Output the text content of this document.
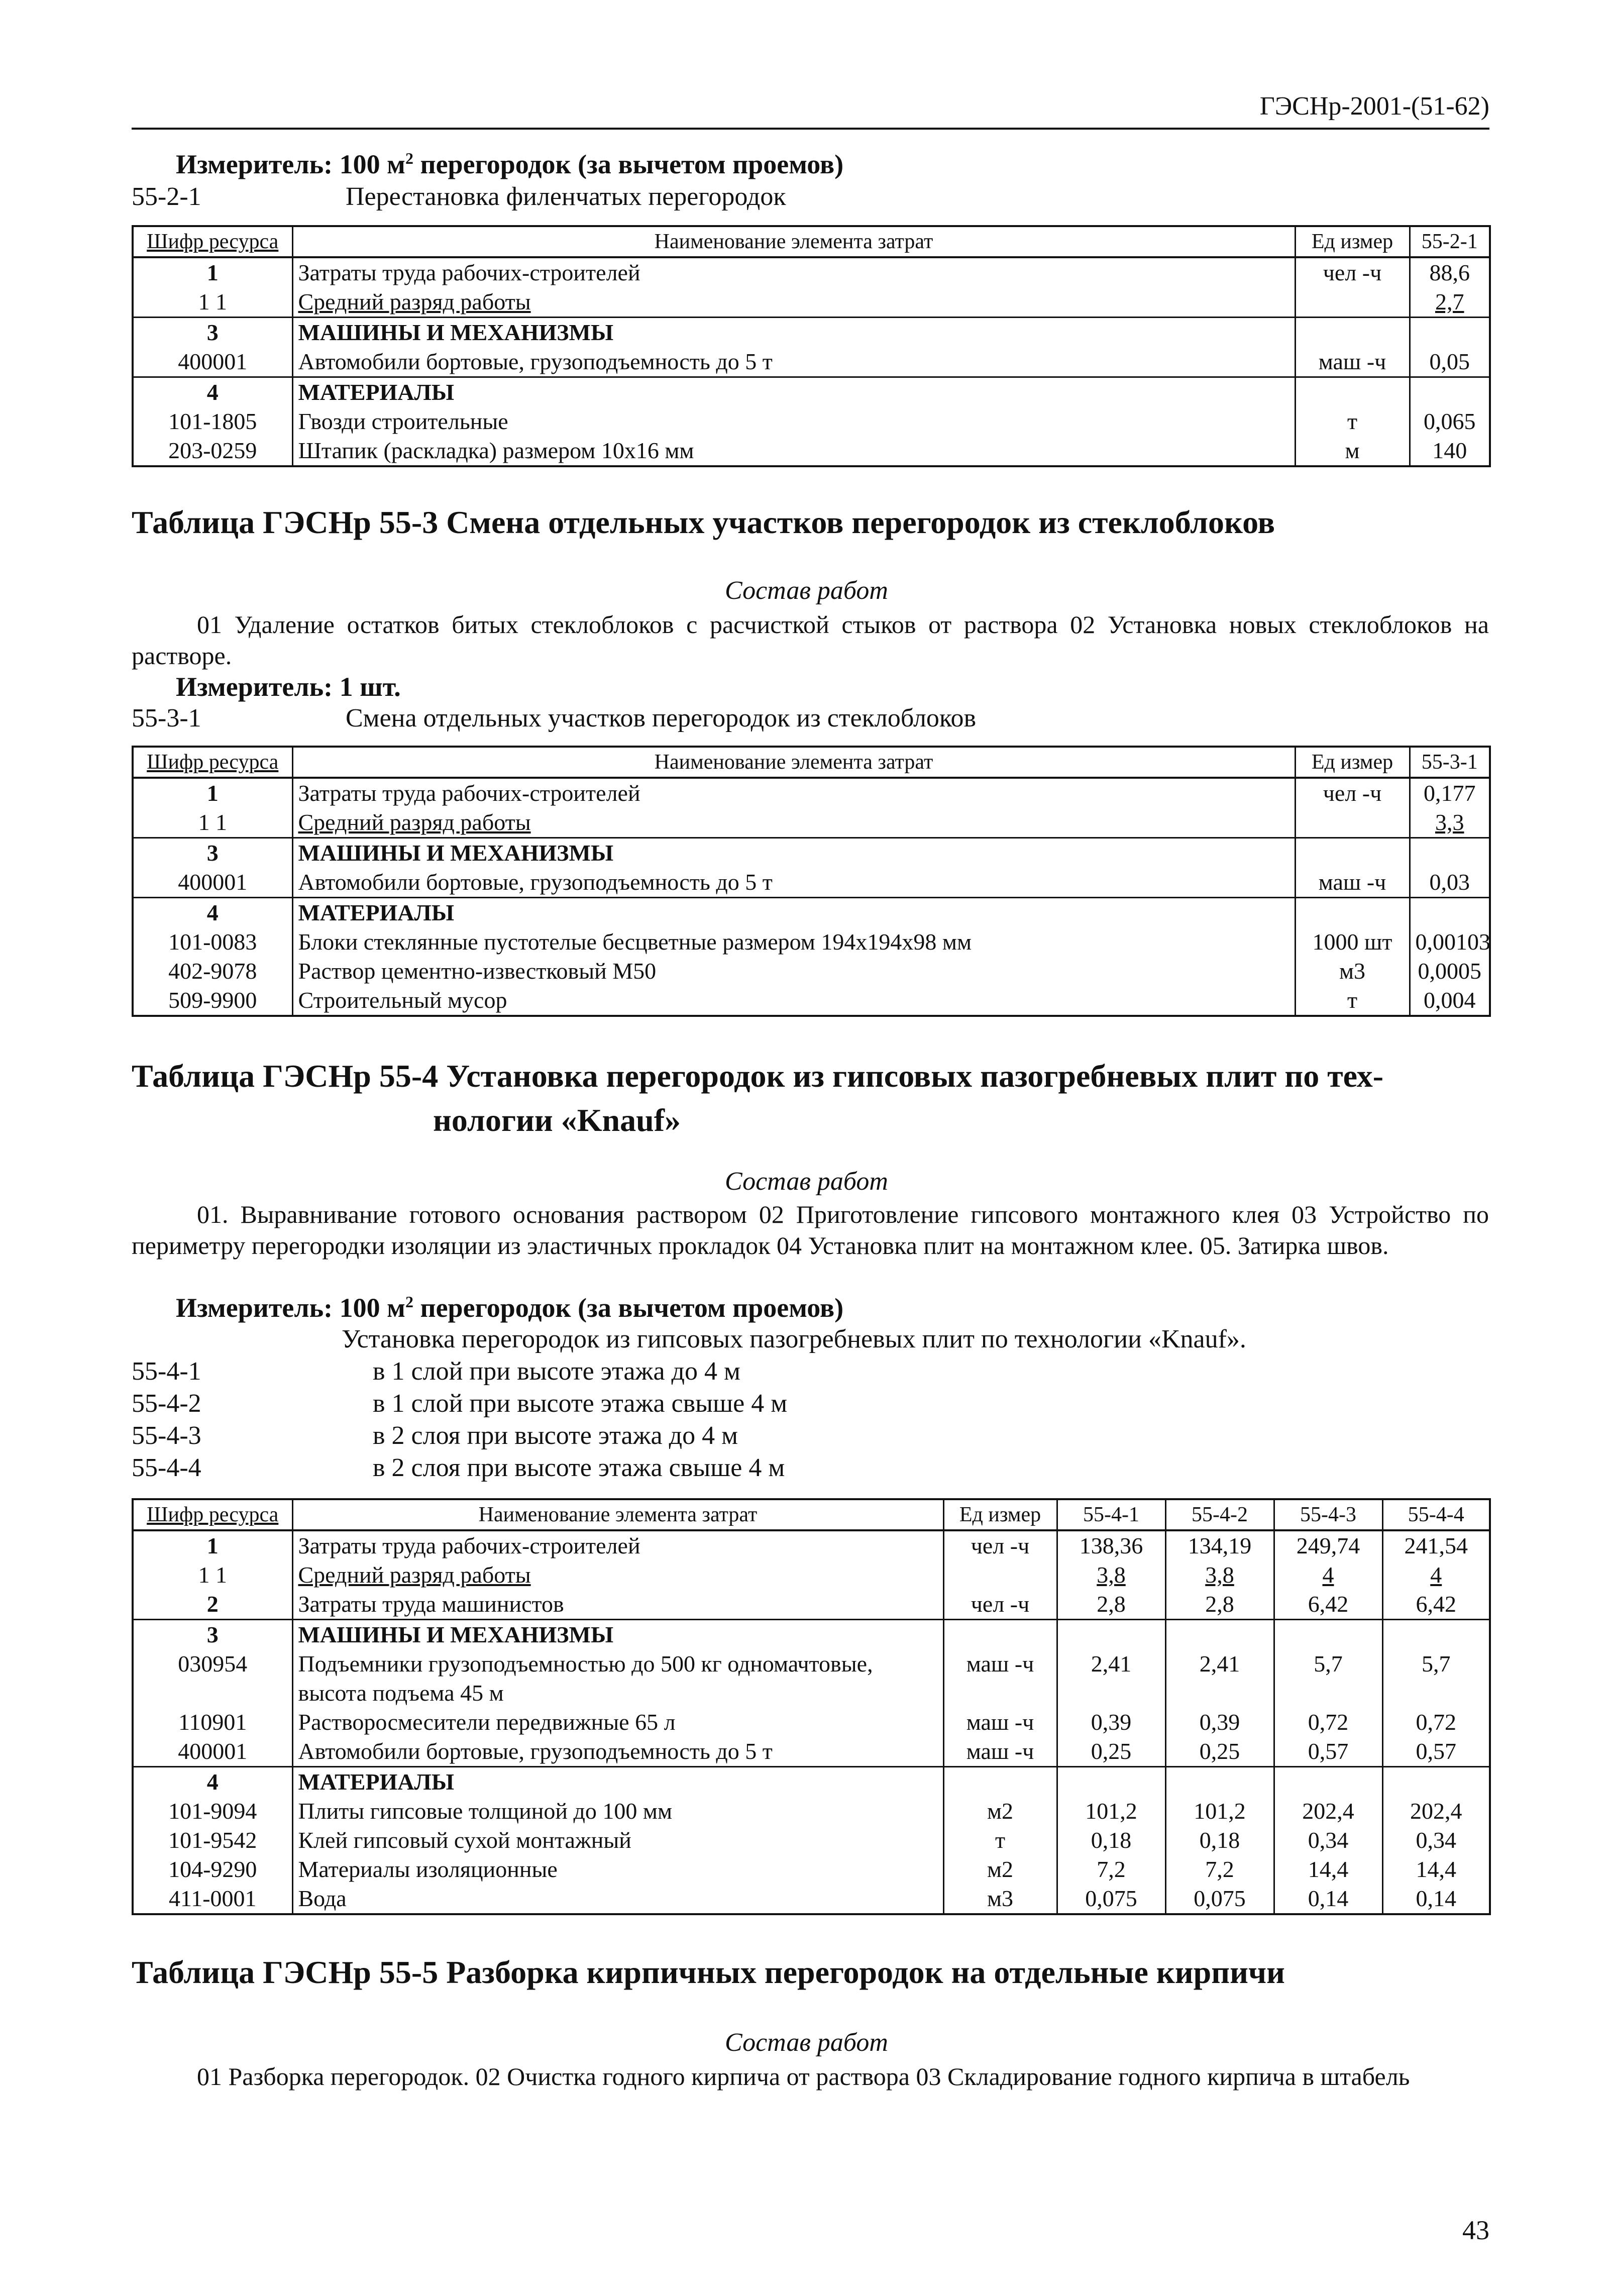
ГЭСНр-2001-(51-62)
Измеритель: 100 $м^2$ перегородок (за вычетом проемов)
55-2-1	Перестановка филенчатых перегородок
Шифр ресурса	Наименование элемента затрат	Ед измер	55-2-1
1	Затраты труда рабочих-строителей	чел -ч	88,6
1 1	Средний разряд работы		2,7
3	МАШИНЫ И МЕХАНИЗМЫ		
400001	Автомобили бортовые, грузоподъемность до 5 т	маш -ч	0,05
4	МАТЕРИАЛЫ		
101-1805	Гвозди строительные	т	0,065
203-0259	Штапик (раскладка) размером 10x16 мм	м	140
Таблица ГЭСНр 55-3 Смена отдельных участков перегородок из стеклоблоков
Состав работ
01 Удаление остатков битых стеклоблоков с расчисткой стыков от раствора 02 Установка новых стеклоблоков на растворе.
Измеритель: 1 шт.
55-3-1	Смена отдельных участков перегородок из стеклоблоков
Шифр ресурса	Наименование элемента затрат	Ед измер	55-3-1
1	Затраты труда рабочих-строителей	чел -ч	0,177
1 1	Средний разряд работы		3,3
3	МАШИНЫ И МЕХАНИЗМЫ		
400001	Автомобили бортовые, грузоподъемность до 5 т	маш -ч	0,03
4	МАТЕРИАЛЫ		
101-0083	Блоки стеклянные пустотелые бесцветные размером 194x194x98 мм	1000 шт	0,00103
402-9078	Раствор цементно-известковый М50	м3	0,0005
509-9900	Строительный мусор	т	0,004
Таблица ГЭСНр 55-4 Установка перегородок из гипсовых пазогребневых плит по тех-
нологии «Knauf»
Состав работ
01. Выравнивание готового основания раствором 02 Приготовление гипсового монтажного клея 03 Устройство по периметру перегородки изоляции из эластичных прокладок 04 Установка плит на монтажном клее. 05. Затирка швов.
Измеритель: 100 $м^2$ перегородок (за вычетом проемов)
Установка перегородок из гипсовых пазогребневых плит по технологии «Knauf».
55-4-1	в 1 слой при высоте этажа до 4 м
55-4-2	в 1 слой при высоте этажа свыше 4 м
55-4-3	в 2 слоя при высоте этажа до 4 м
55-4-4	в 2 слоя при высоте этажа свыше 4 м
Шифр ресурса	Наименование элемента затрат	Ед измер	55-4-1	55-4-2	55-4-3	55-4-4
1	Затраты труда рабочих-строителей	чел -ч	138,36	134,19	249,74	241,54
1 1	Средний разряд работы		3,8	3,8	4	4
2	Затраты труда машинистов	чел -ч	2,8	2,8	6,42	6,42
3	МАШИНЫ И МЕХАНИЗМЫ					
030954	Подъемники грузоподъемностью до 500 кг одномачтовые, высота подъема 45 м	маш -ч	2,41	2,41	5,7	5,7
110901	Растворосмесители передвижные 65 л	маш -ч	0,39	0,39	0,72	0,72
400001	Автомобили бортовые, грузоподъемность до 5 т	маш -ч	0,25	0,25	0,57	0,57
4	МАТЕРИАЛЫ					
101-9094	Плиты гипсовые толщиной до 100 мм	м2	101,2	101,2	202,4	202,4
101-9542	Клей гипсовый сухой монтажный	т	0,18	0,18	0,34	0,34
104-9290	Материалы изоляционные	м2	7,2	7,2	14,4	14,4
411-0001	Вода	м3	0,075	0,075	0,14	0,14
Таблица ГЭСНр 55-5 Разборка кирпичных перегородок на отдельные кирпичи
Состав работ
01 Разборка перегородок. 02 Очистка годного кирпича от раствора 03 Складирование годного кирпича в штабель
43
